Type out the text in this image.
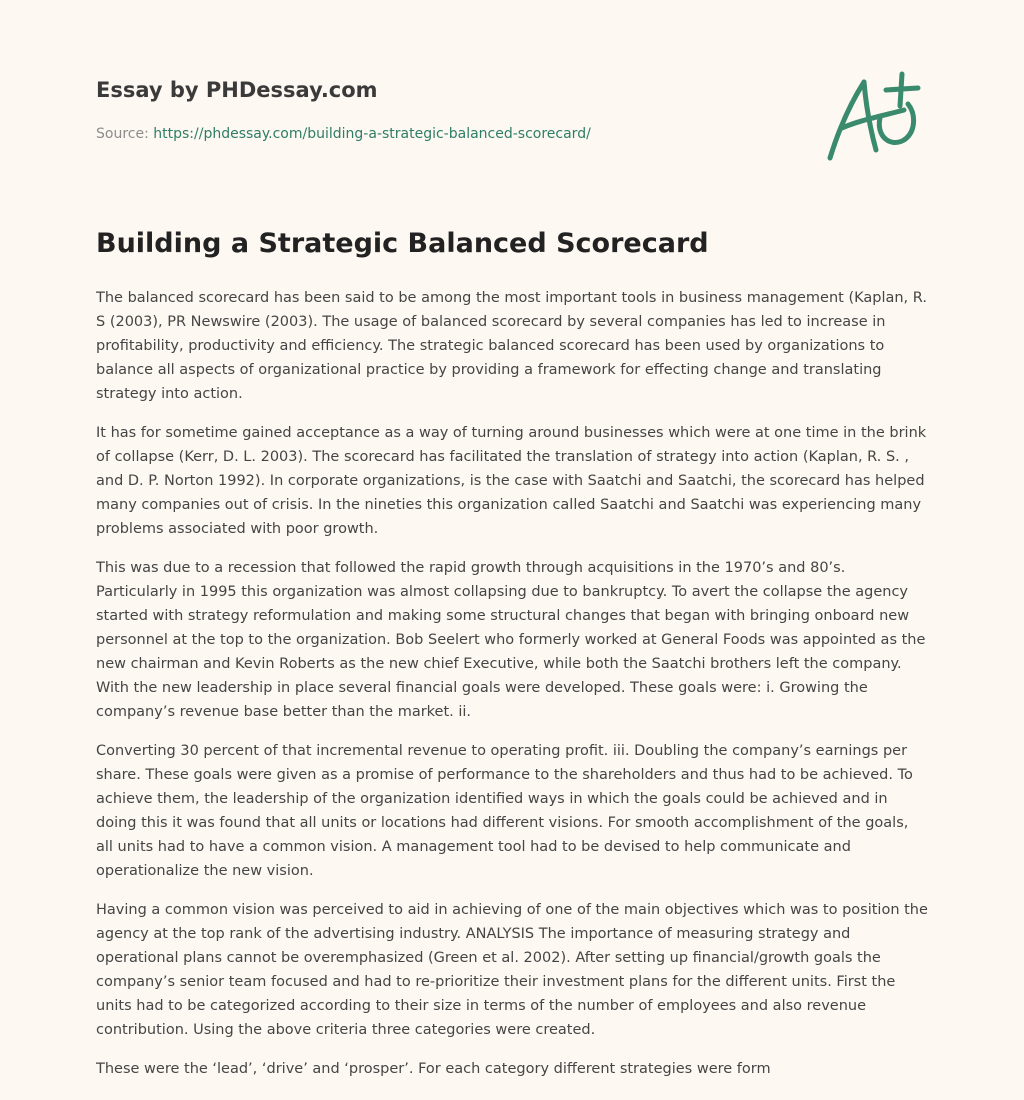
Essay by PHDessay.com
Source: https://phdessay.com/building-a-strategic-balanced-scorecard/
Building a Strategic Balanced Scorecard

The balanced scorecard has been said to be among the most important tools in business management (Kaplan, R. S (2003), PR Newswire (2003). The usage of balanced scorecard by several companies has led to increase in profitability, productivity and efficiency. The strategic balanced scorecard has been used by organizations to balance all aspects of organizational practice by providing a framework for effecting change and translating strategy into action.

It has for sometime gained acceptance as a way of turning around businesses which were at one time in the brink of collapse (Kerr, D. L. 2003). The scorecard has facilitated the translation of strategy into action (Kaplan, R. S. , and D. P. Norton 1992). In corporate organizations, is the case with Saatchi and Saatchi, the scorecard has helped many companies out of crisis. In the nineties this organization called Saatchi and Saatchi was experiencing many problems associated with poor growth.

This was due to a recession that followed the rapid growth through acquisitions in the 1970’s and 80’s. Particularly in 1995 this organization was almost collapsing due to bankruptcy. To avert the collapse the agency started with strategy reformulation and making some structural changes that began with bringing onboard new personnel at the top to the organization. Bob Seelert who formerly worked at General Foods was appointed as the new chairman and Kevin Roberts as the new chief Executive, while both the Saatchi brothers left the company. With the new leadership in place several financial goals were developed. These goals were: i. Growing the company’s revenue base better than the market. ii.

Converting 30 percent of that incremental revenue to operating profit. iii. Doubling the company’s earnings per share. These goals were given as a promise of performance to the shareholders and thus had to be achieved. To achieve them, the leadership of the organization identified ways in which the goals could be achieved and in doing this it was found that all units or locations had different visions. For smooth accomplishment of the goals, all units had to have a common vision. A management tool had to be devised to help communicate and operationalize the new vision.

Having a common vision was perceived to aid in achieving of one of the main objectives which was to position the agency at the top rank of the advertising industry. ANALYSIS The importance of measuring strategy and operational plans cannot be overemphasized (Green et al. 2002). After setting up financial/growth goals the company’s senior team focused and had to re-prioritize their investment plans for the different units. First the units had to be categorized according to their size in terms of the number of employees and also revenue contribution. Using the above criteria three categories were created.

These were the ‘lead’, ‘drive’ and ‘prosper’. For each category different strategies were form
